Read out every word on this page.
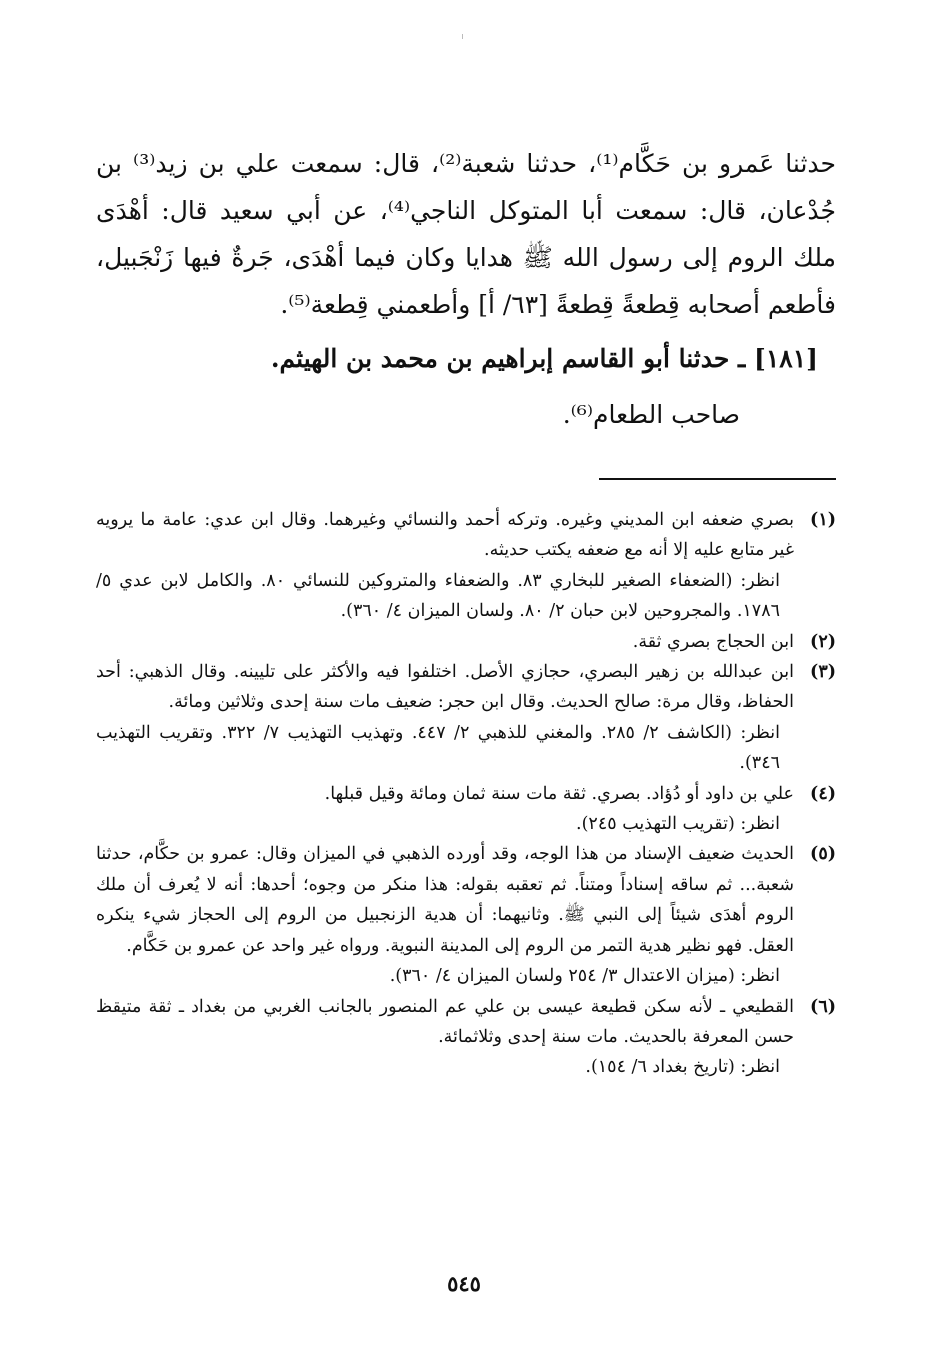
حدثنا عَمرو بن حَكَّام⁽¹⁾، حدثنا شعبة⁽²⁾، قال: سمعت علي بن زيد⁽³⁾ بن جُدْعان، قال: سمعت أبا المتوكل الناجي⁽⁴⁾، عن أبي سعيد قال: أهْدَى ملك الروم إلى رسول الله ﷺ هدايا وكان فيما أهْدَى، جَرةٌ فيها زَنْجَبيل، فأطعم أصحابه قِطعةً قِطعةً [٦٣/ أ] وأطعمني قِطعة⁽⁵⁾.

[١٨١] ـ حدثنا أبو القاسم إبراهيم بن محمد بن الهيثم.

صاحب الطعام⁽⁶⁾.

(١)

بصري ضعفه ابن المديني وغيره. وتركه أحمد والنسائي وغيرهما. وقال ابن عدي: عامة ما يرويه غير متابع عليه إلا أنه مع ضعفه يكتب حديثه.

انظر: (الضعفاء الصغير للبخاري ٨٣. والضعفاء والمتروكين للنسائي ٨٠. والكامل لابن عدي ٥/ ١٧٨٦. والمجروحين لابن حبان ٢/ ٨٠. ولسان الميزان ٤/ ٣٦٠).

(٢)

ابن الحجاج بصري ثقة.

(٣)

ابن عبدالله بن زهير البصري، حجازي الأصل. اختلفوا فيه والأكثر على تليينه. وقال الذهبي: أحد الحفاظ، وقال مرة: صالح الحديث. وقال ابن حجر: ضعيف مات سنة إحدى وثلاثين ومائة.

انظر: (الكاشف ٢/ ٢٨٥. والمغني للذهبي ٢/ ٤٤٧. وتهذيب التهذيب ٧/ ٣٢٢. وتقريب التهذيب ٣٤٦).

(٤)

علي بن داود أو دُؤاد. بصري. ثقة مات سنة ثمان ومائة وقيل قبلها.

انظر: (تقريب التهذيب ٢٤٥).

(٥)

الحديث ضعيف الإسناد من هذا الوجه، وقد أورده الذهبي في الميزان وقال: عمرو بن حكَّام، حدثنا شعبة... ثم ساقه إسناداً ومتناً. ثم تعقبه بقوله: هذا منكر من وجوه؛ أحدها: أنه لا يُعرف أن ملك الروم أهدَى شيئاً إلى النبي ﷺ. وثانيهما: أن هدية الزنجبيل من الروم إلى الحجاز شيء ينكره العقل. فهو نظير هدية التمر من الروم إلى المدينة النبوية. ورواه غير واحد عن عمرو بن حَكَّام.

انظر: (ميزان الاعتدال ٣/ ٢٥٤ ولسان الميزان ٤/ ٣٦٠).

(٦)

القطيعي ـ لأنه سكن قطيعة عيسى بن علي عم المنصور بالجانب الغربي من بغداد ـ ثقة متيقظ حسن المعرفة بالحديث. مات سنة إحدى وثلاثمائة.

انظر: (تاريخ بغداد ٦/ ١٥٤).

٥٤٥
